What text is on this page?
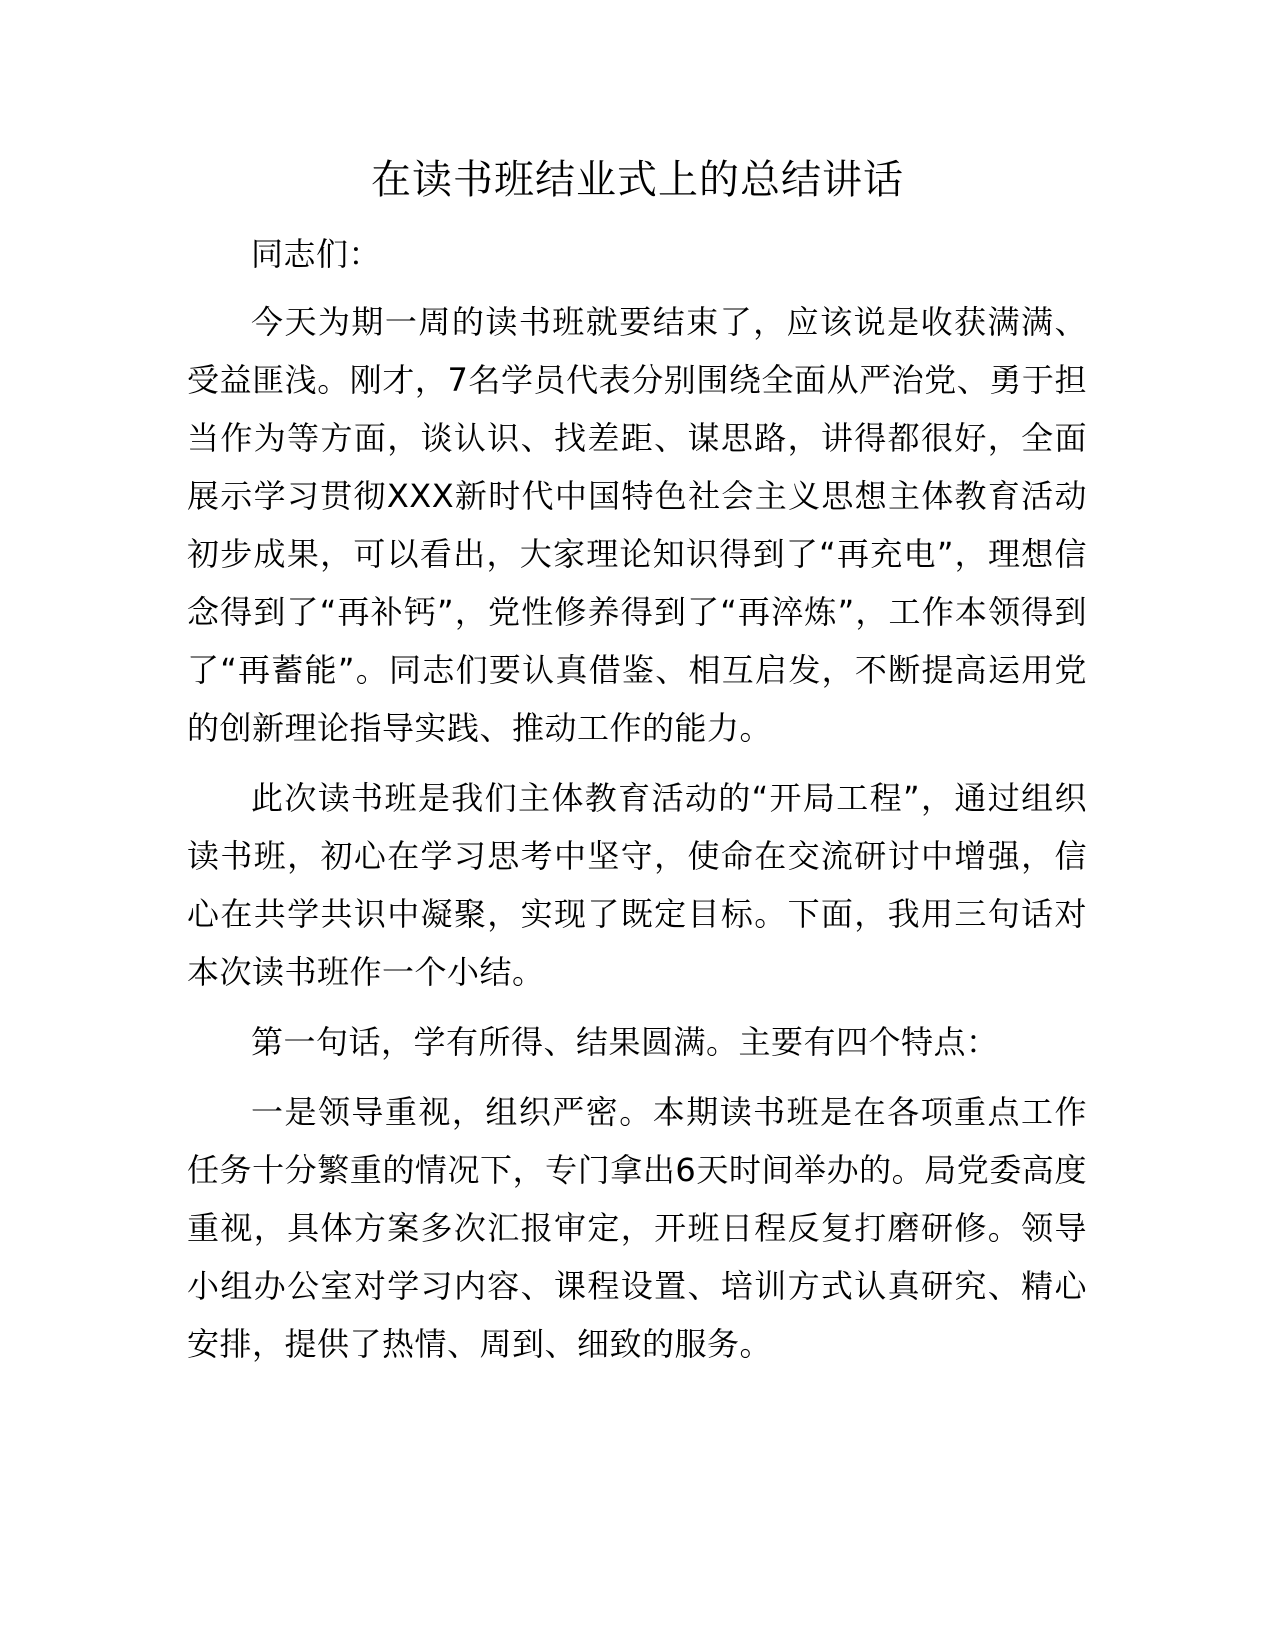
在读书班结业式上的总结讲话

同志们：

今天为期一周的读书班就要结束了，应该说是收获满满、受益匪浅。刚才，7名学员代表分别围绕全面从严治党、勇于担当作为等方面，谈认识、找差距、谋思路，讲得都很好，全面展示学习贯彻XXX新时代中国特色社会主义思想主体教育活动初步成果，可以看出，大家理论知识得到了“再充电”，理想信念得到了“再补钙”，党性修养得到了“再淬炼”，工作本领得到了“再蓄能”。同志们要认真借鉴、相互启发，不断提高运用党的创新理论指导实践、推动工作的能力。

此次读书班是我们主体教育活动的“开局工程”，通过组织读书班，初心在学习思考中坚守，使命在交流研讨中增强，信心在共学共识中凝聚，实现了既定目标。下面，我用三句话对本次读书班作一个小结。

第一句话，学有所得、结果圆满。主要有四个特点：

一是领导重视，组织严密。本期读书班是在各项重点工作任务十分繁重的情况下，专门拿出6天时间举办的。局党委高度重视，具体方案多次汇报审定，开班日程反复打磨研修。领导小组办公室对学习内容、课程设置、培训方式认真研究、精心安排，提供了热情、周到、细致的服务。
